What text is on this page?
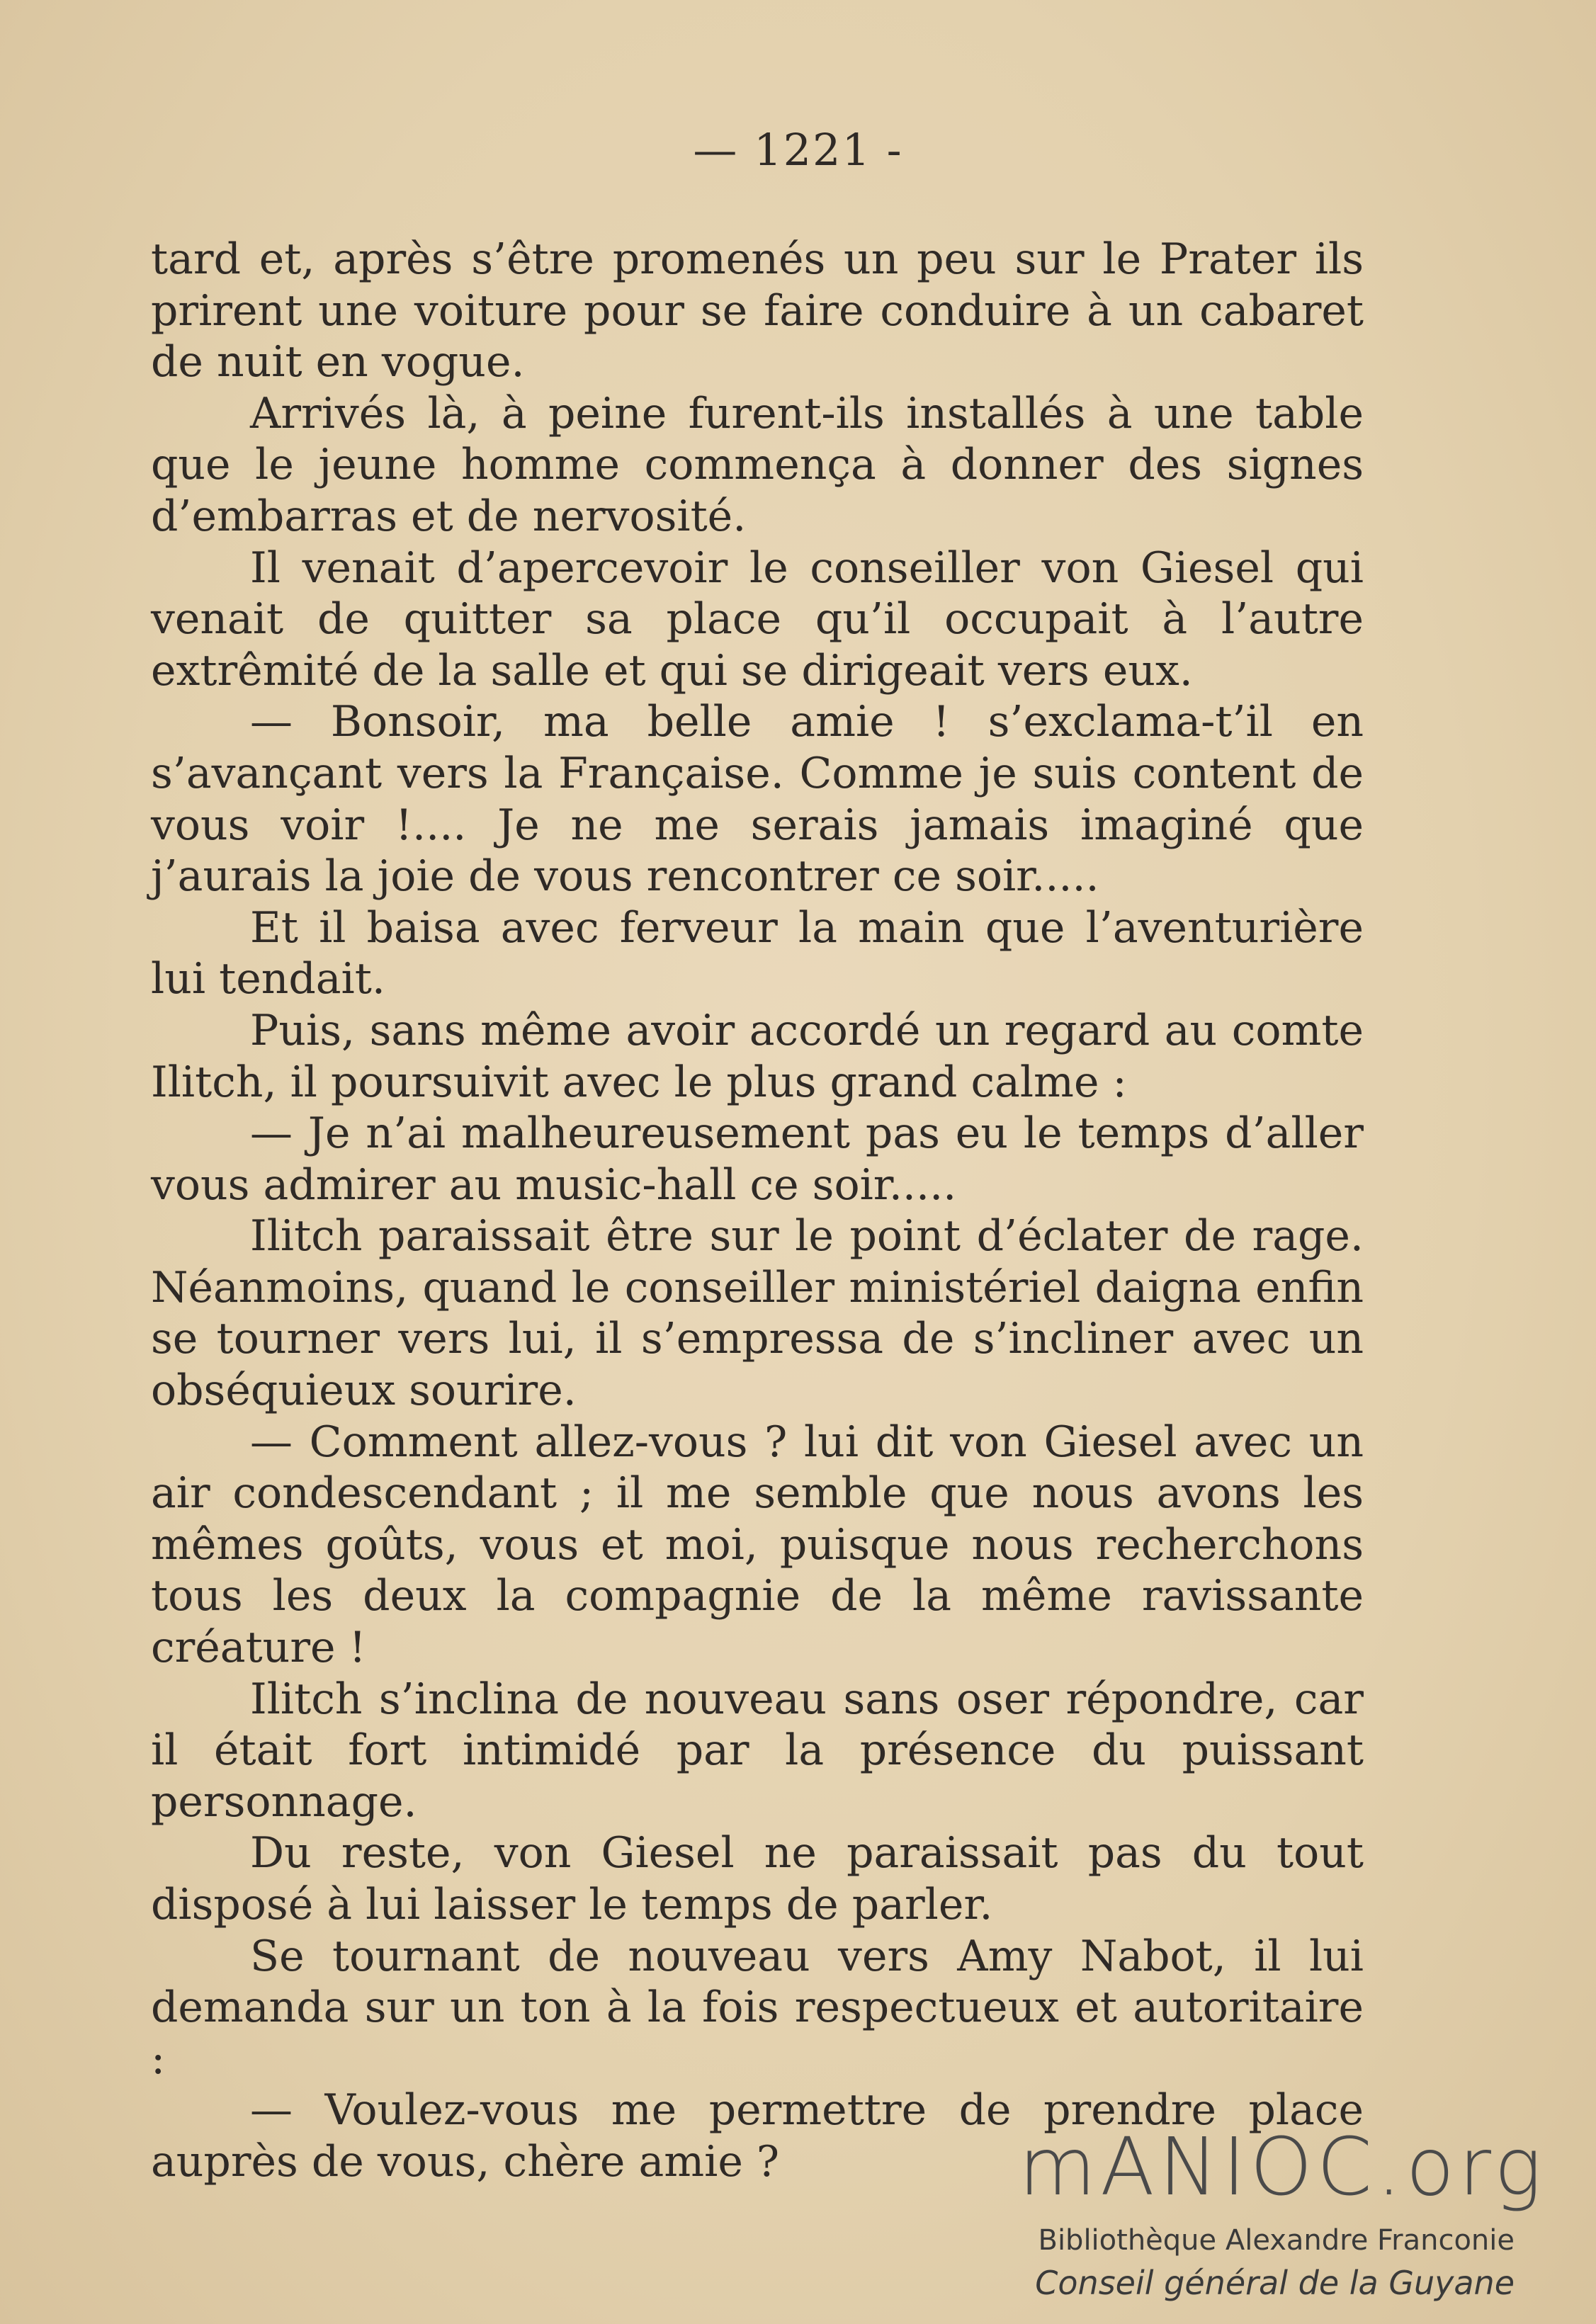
— 1221 -

tard et, après s’être promenés un peu sur le Prater ils prirent une voiture pour se faire conduire à un cabaret de nuit en vogue.

Arrivés là, à peine furent-ils installés à une table que le jeune homme commença à donner des signes d’embarras et de nervosité.

Il venait d’apercevoir le conseiller von Giesel qui venait de quitter sa place qu’il occupait à l’autre extrêmité de la salle et qui se dirigeait vers eux.

— Bonsoir, ma belle amie ! s’exclama-t’il en s’avançant vers la Française. Comme je suis content de vous voir !.... Je ne me serais jamais imaginé que j’aurais la joie de vous rencontrer ce soir.....

Et il baisa avec ferveur la main que l’aventurière lui tendait.

Puis, sans même avoir accordé un regard au comte Ilitch, il poursuivit avec le plus grand calme :

— Je n’ai malheureusement pas eu le temps d’aller vous admirer au music-hall ce soir.....

Ilitch paraissait être sur le point d’éclater de rage. Néanmoins, quand le conseiller ministériel daigna enfin se tourner vers lui, il s’empressa de s’incliner avec un obséquieux sourire.

— Comment allez-vous ? lui dit von Giesel avec un air condescendant ; il me semble que nous avons les mêmes goûts, vous et moi, puisque nous recherchons tous les deux la compagnie de la même ravissante créature !

Ilitch s’inclina de nouveau sans oser répondre, car il était fort intimidé par la présence du puissant personnage.

Du reste, von Giesel ne paraissait pas du tout disposé à lui laisser le temps de parler.

Se tournant de nouveau vers Amy Nabot, il lui demanda sur un ton à la fois respectueux et autoritaire :

— Voulez-vous me permettre de prendre place auprès de vous, chère amie ?	mANIOC.org
Bibliothèque Alexandre Franconie
Conseil général de la Guyane
